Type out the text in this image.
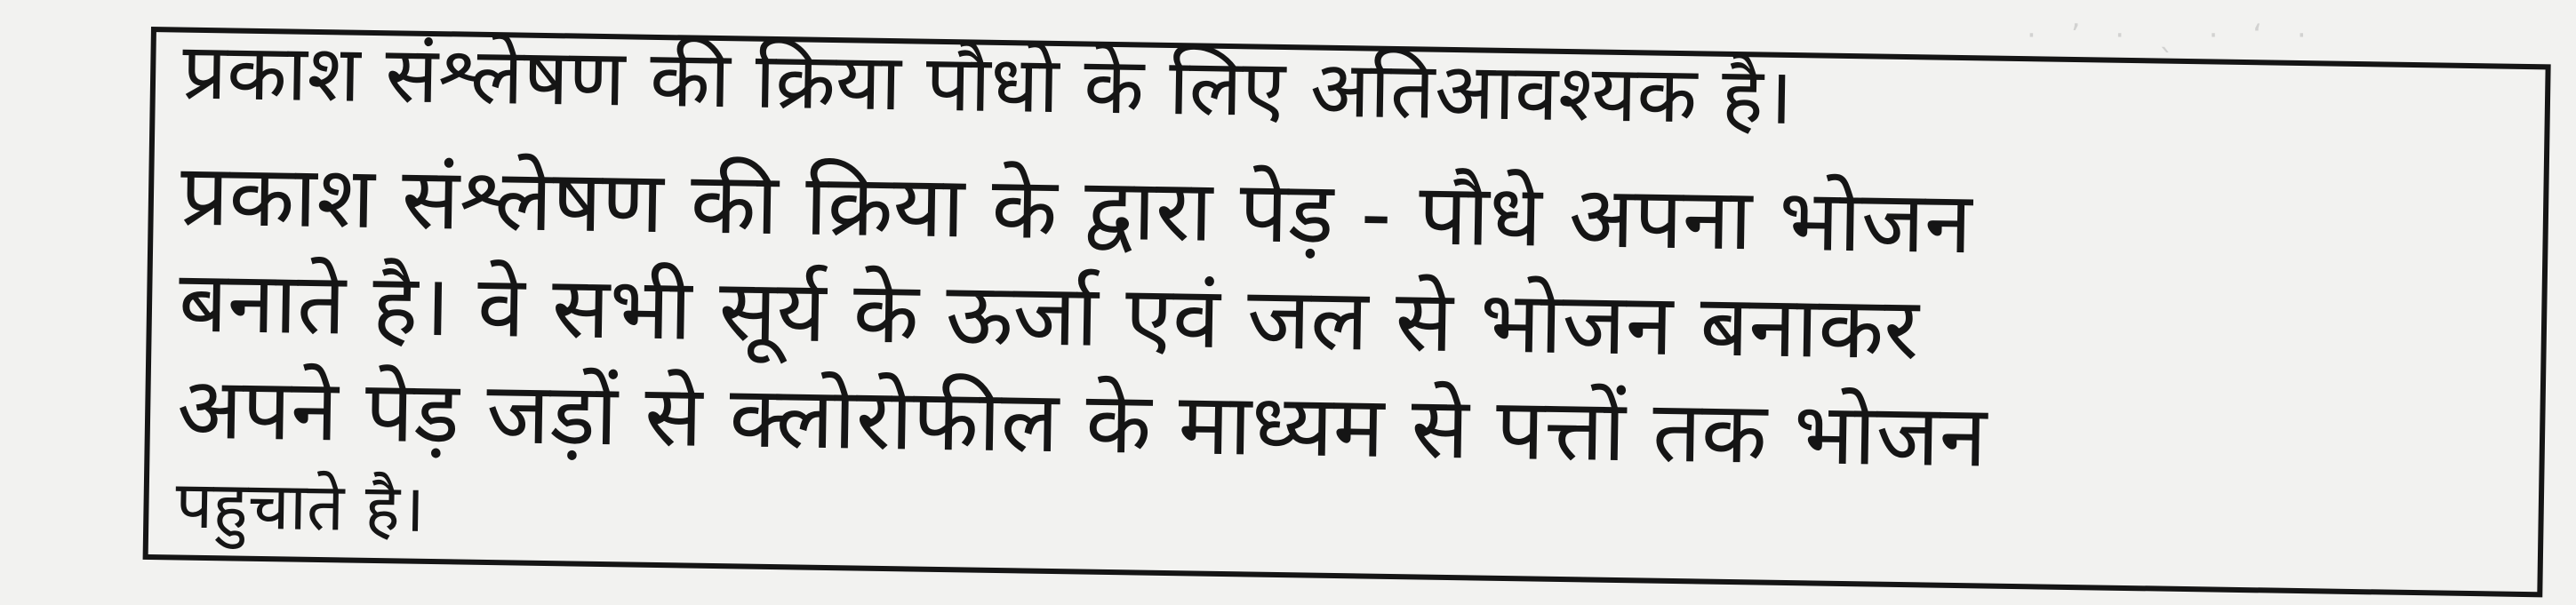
· ʼ · ˎ · ʻ ·
प्रकाश संश्लेषण की क्रिया पौधो के लिए अतिआवश्यक है।
प्रकाश संश्लेषण की क्रिया के द्वारा पेड़ - पौधे अपना भोजन
बनाते है। वे सभी सूर्य के ऊर्जा एवं जल से भोजन बनाकर
अपने पेड़ जड़ों से क्लोरोफील के माध्यम से पत्तों तक भोजन
पहुचाते है।
